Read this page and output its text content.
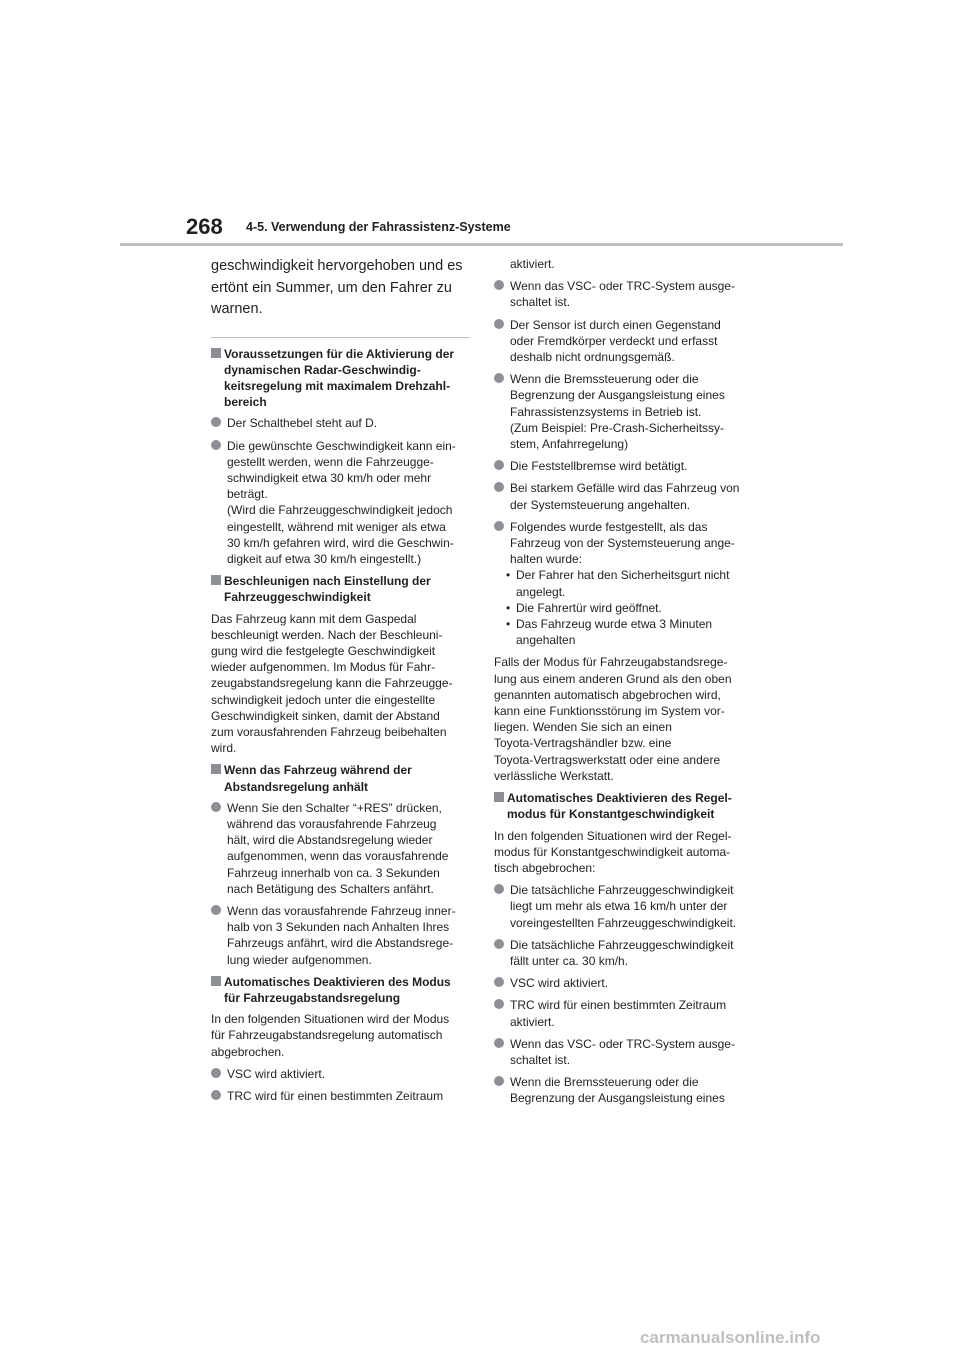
268 4-5. Verwendung der Fahrassistenz-Systeme
geschwindigkeit hervorgehoben und es
ertönt ein Summer, um den Fahrer zu
warnen.
Voraussetzungen für die Aktivierung der dynamischen Radar-Geschwindig-keitsregelung mit maximalem Drehzahl-bereich
Der Schalthebel steht auf D.
Die gewünschte Geschwindigkeit kann ein-
gestellt werden, wenn die Fahrzeugge-
schwindigkeit etwa 30 km/h oder mehr
beträgt.
(Wird die Fahrzeuggeschwindigkeit jedoch
eingestellt, während mit weniger als etwa
30 km/h gefahren wird, wird die Geschwin-
digkeit auf etwa 30 km/h eingestellt.)
Beschleunigen nach Einstellung der Fahrzeuggeschwindigkeit
Das Fahrzeug kann mit dem Gaspedal
beschleunigt werden. Nach der Beschleuni-
gung wird die festgelegte Geschwindigkeit
wieder aufgenommen. Im Modus für Fahr-
zeugabstandsregelung kann die Fahrzeugge-
schwindigkeit jedoch unter die eingestellte
Geschwindigkeit sinken, damit der Abstand
zum vorausfahrenden Fahrzeug beibehalten
wird.
Wenn das Fahrzeug während der Abstandsregelung anhält
Wenn Sie den Schalter “+RES” drücken,
während das vorausfahrende Fahrzeug
hält, wird die Abstandsregelung wieder
aufgenommen, wenn das vorausfahrende
Fahrzeug innerhalb von ca. 3 Sekunden
nach Betätigung des Schalters anfährt.
Wenn das vorausfahrende Fahrzeug inner-
halb von 3 Sekunden nach Anhalten Ihres
Fahrzeugs anfährt, wird die Abstandsrege-
lung wieder aufgenommen.
Automatisches Deaktivieren des Modus für Fahrzeugabstandsregelung
In den folgenden Situationen wird der Modus
für Fahrzeugabstandsregelung automatisch
abgebrochen.
VSC wird aktiviert.
TRC wird für einen bestimmten Zeitraum
aktiviert.
Wenn das VSC- oder TRC-System ausge-
schaltet ist.
Der Sensor ist durch einen Gegenstand
oder Fremdkörper verdeckt und erfasst
deshalb nicht ordnungsgemäß.
Wenn die Bremssteuerung oder die
Begrenzung der Ausgangsleistung eines
Fahrassistenzsystems in Betrieb ist.
(Zum Beispiel: Pre-Crash-Sicherheitssy-
stem, Anfahrregelung)
Die Feststellbremse wird betätigt.
Bei starkem Gefälle wird das Fahrzeug von
der Systemsteuerung angehalten.
Folgendes wurde festgestellt, als das
Fahrzeug von der Systemsteuerung ange-
halten wurde:
• Der Fahrer hat den Sicherheitsgurt nicht angelegt.
• Die Fahrertür wird geöffnet.
• Das Fahrzeug wurde etwa 3 Minuten angehalten
Falls der Modus für Fahrzeugabstandsrege-
lung aus einem anderen Grund als den oben
genannten automatisch abgebrochen wird,
kann eine Funktionsstörung im System vor-
liegen. Wenden Sie sich an einen
Toyota-Vertragshändler bzw. eine
Toyota-Vertragswerkstatt oder eine andere
verlässliche Werkstatt.
Automatisches Deaktivieren des Regel-modus für Konstantgeschwindigkeit
In den folgenden Situationen wird der Regel-
modus für Konstantgeschwindigkeit automa-
tisch abgebrochen:
Die tatsächliche Fahrzeuggeschwindigkeit
liegt um mehr als etwa 16 km/h unter der
voreingestellten Fahrzeuggeschwindigkeit.
Die tatsächliche Fahrzeuggeschwindigkeit
fällt unter ca. 30 km/h.
VSC wird aktiviert.
TRC wird für einen bestimmten Zeitraum
aktiviert.
Wenn das VSC- oder TRC-System ausge-
schaltet ist.
Wenn die Bremssteuerung oder die
Begrenzung der Ausgangsleistung eines
carmanualsonline.info
